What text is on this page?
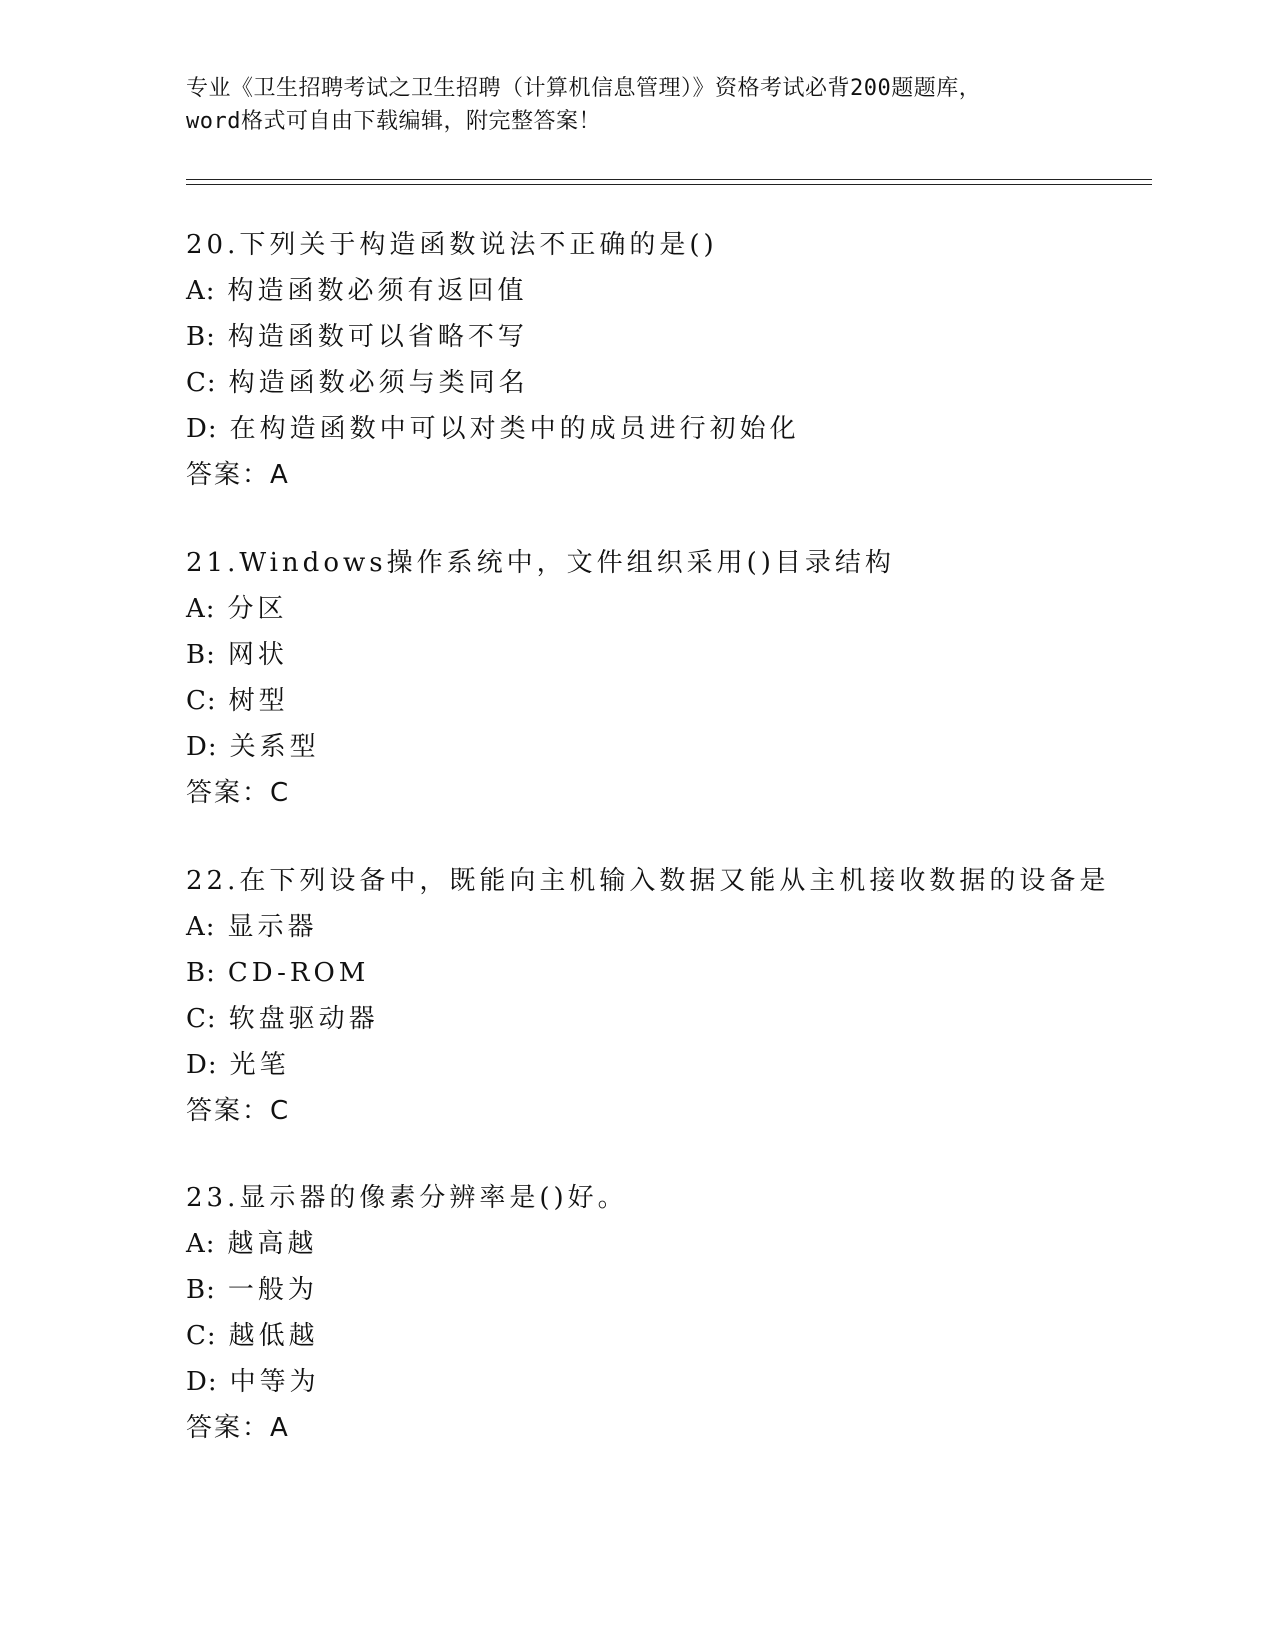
专业《卫生招聘考试之卫生招聘（计算机信息管理）》资格考试必背200题题库，
word格式可自由下载编辑，附完整答案！
20.下列关于构造函数说法不正确的是()
A: 构造函数必须有返回值
B: 构造函数可以省略不写
C: 构造函数必须与类同名
D: 在构造函数中可以对类中的成员进行初始化
答案：A
21.Windows操作系统中，文件组织采用()目录结构
A: 分区
B: 网状
C: 树型
D: 关系型
答案：C
22.在下列设备中，既能向主机输入数据又能从主机接收数据的设备是
A: 显示器
B: CD-ROM
C: 软盘驱动器
D: 光笔
答案：C
23.显示器的像素分辨率是()好。
A: 越高越
B: 一般为
C: 越低越
D: 中等为
答案：A
